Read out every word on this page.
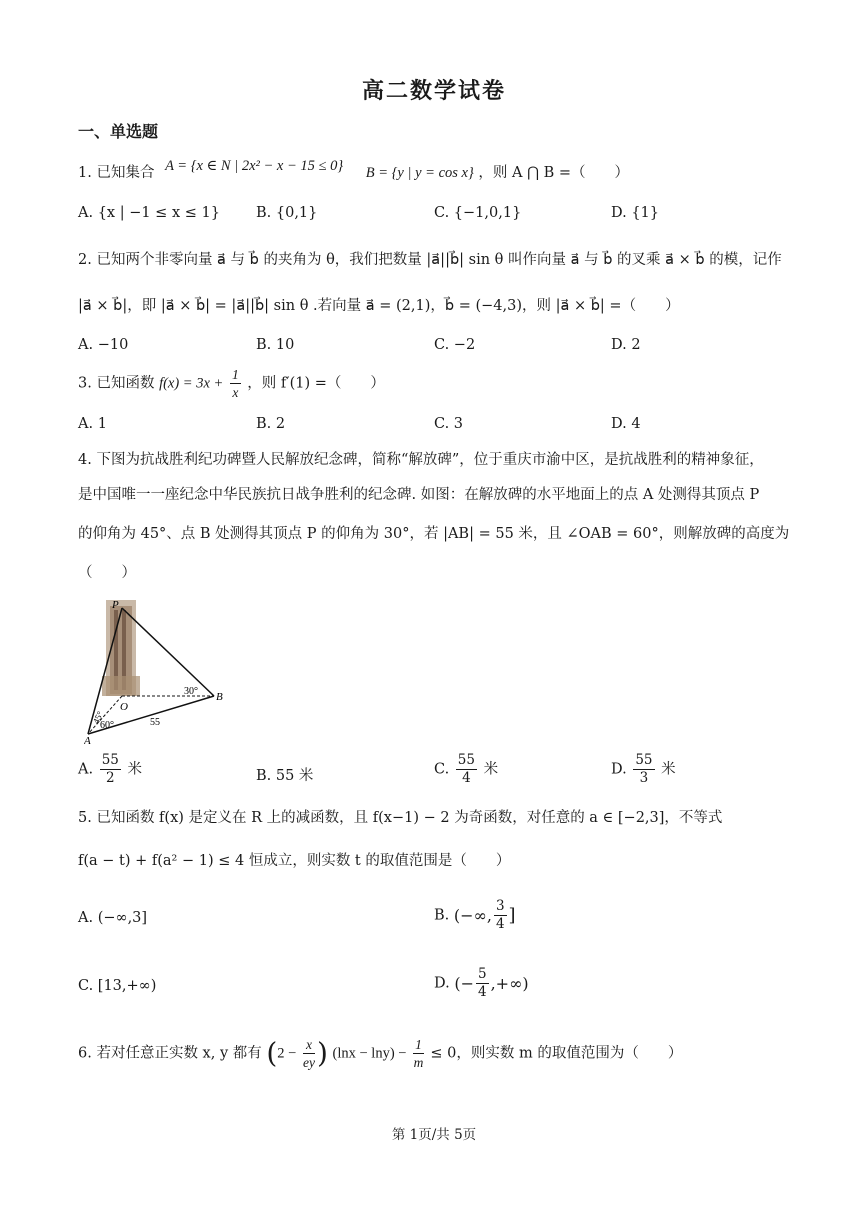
高二数学试卷
一、单选题
1. 已知集合 A = {x ∈ N | 2x² − x − 15 ≤ 0} B = {y | y = cos x} ，则 A ⋂ B =（　　）
A. {x | −1 ≤ x ≤ 1} B. {0,1}	C. {−1,0,1}	D. {1}
2. 已知两个非零向量 a⃗ 与 b⃗ 的夹角为 θ，我们把数量 |a⃗||b⃗| sin θ 叫作向量 a⃗ 与 b⃗ 的叉乘 a⃗ × b⃗ 的模，记作
|a⃗ × b⃗|，即 |a⃗ × b⃗| = |a⃗||b⃗| sin θ .若向量 a⃗ = (2,1)，b⃗ = (−4,3)，则 |a⃗ × b⃗| =（　　）
A. −10	B. 10	C. −2	D. 2
3. 已知函数 $f(x) = 3x + \frac{1}{x}$ ，则 f′(1) =（　　）
A. 1	B. 2	C. 3	D. 4
4. 下图为抗战胜利纪功碑暨人民解放纪念碑，简称“解放碑”，位于重庆市渝中区，是抗战胜利的精神象征，
是中国唯一一座纪念中华民族抗日战争胜利的纪念碑. 如图：在解放碑的水平地面上的点 A 处测得其顶点 P
的仰角为 45°、点 B 处测得其顶点 P 的仰角为 30°，若 |AB| = 55 米，且 ∠OAB = 60°，则解放碑的高度为
（　　）
P
O
A
B
30°
45°
60°	55
A. $\frac{55}{2}$ 米	B. 55 米	C. $\frac{55}{4}$ 米	D. $\frac{55}{3}$ 米
5. 已知函数 f(x) 是定义在 R 上的减函数，且 f(x−1) − 2 为奇函数，对任意的 a ∈ [−2,3]，不等式
f(a − t) + f(a² − 1) ≤ 4 恒成立，则实数 t 的取值范围是（　　）
A. (−∞,3]	B. (−∞, $\frac{3}{4}$ ]
C. [13,+∞)	D. (− $\frac{5}{4}$ ,+∞)
6. 若对任意正实数 x, y 都有 ($2 - \frac{x}{ey}$ ) $(\ln x - \ln y) - \frac{1}{m} \le 0$，则实数 m 的取值范围为（　　）
第 1页/共 5页
